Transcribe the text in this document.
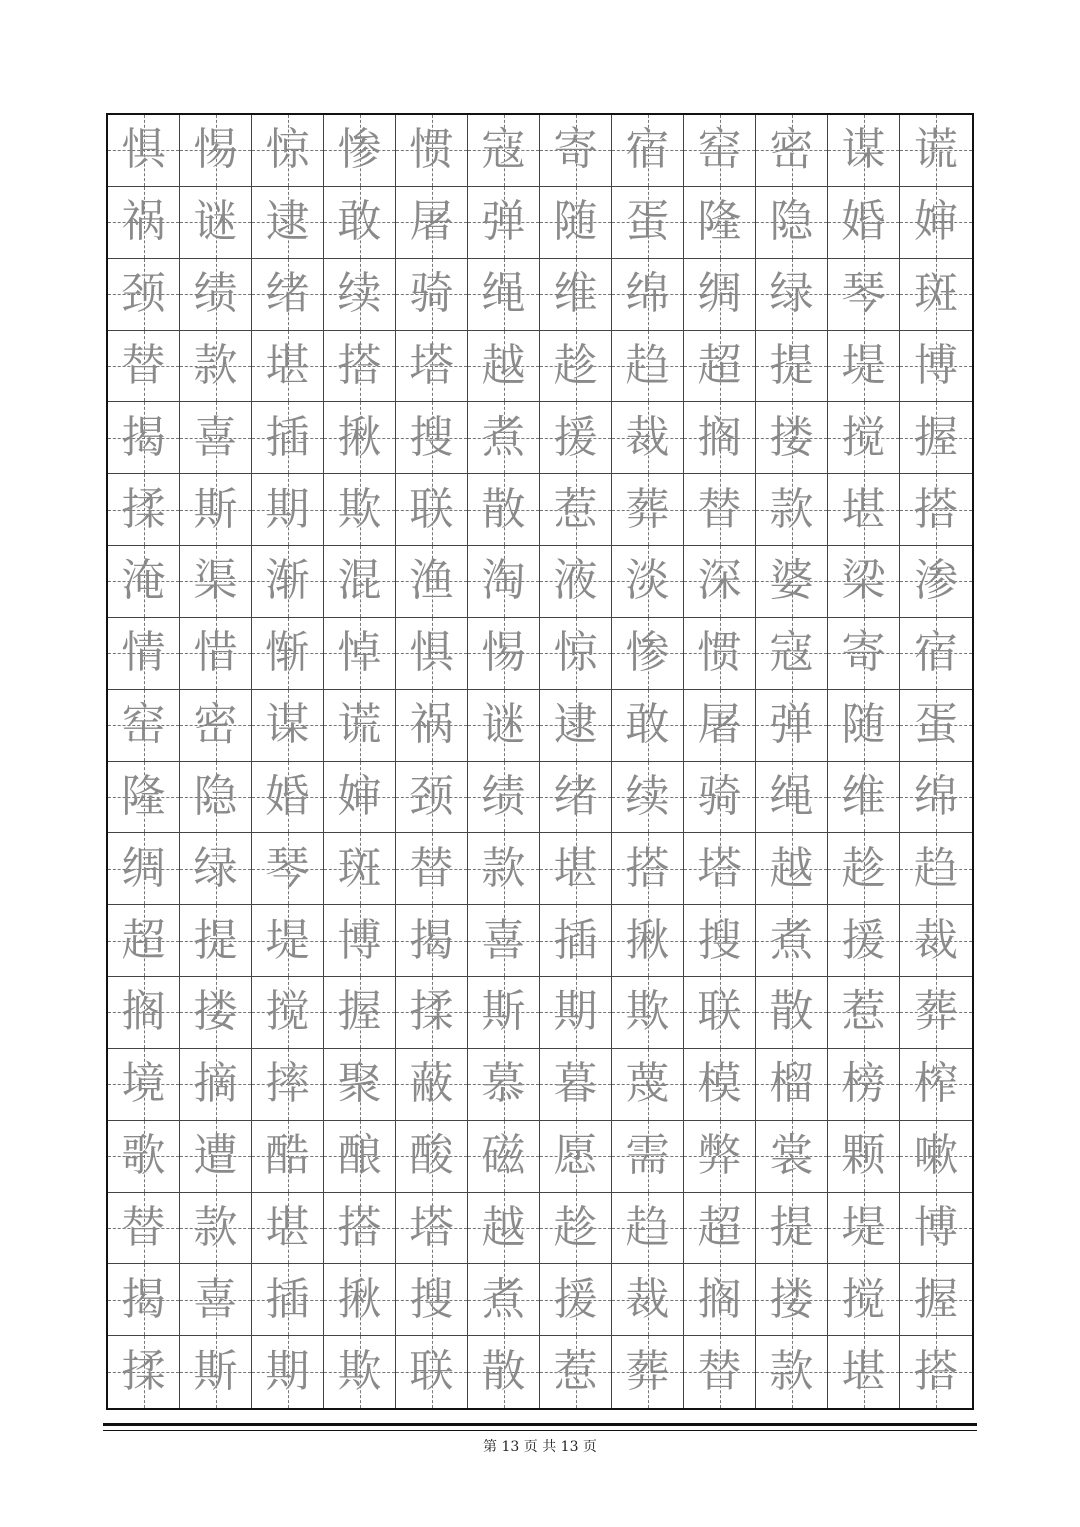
惧 惕 惊 惨 惯 寇 寄 宿 窑 密 谋 谎
祸 谜 逮 敢 屠 弹 随 蛋 隆 隐 婚 婶
颈 绩 绪 续 骑 绳 维 绵 绸 绿 琴 斑
替 款 堪 搭 塔 越 趁 趋 超 提 堤 博
揭 喜 插 揪 搜 煮 援 裁 搁 搂 搅 握
揉 斯 期 欺 联 散 惹 葬 替 款 堪 搭
淹 渠 渐 混 渔 淘 液 淡 深 婆 梁 渗
情 惜 惭 悼 惧 惕 惊 惨 惯 寇 寄 宿
窑 密 谋 谎 祸 谜 逮 敢 屠 弹 随 蛋
隆 隐 婚 婶 颈 绩 绪 续 骑 绳 维 绵
绸 绿 琴 斑 替 款 堪 搭 塔 越 趁 趋
超 提 堤 博 揭 喜 插 揪 搜 煮 援 裁
搁 搂 搅 握 揉 斯 期 欺 联 散 惹 葬
境 摘 摔 聚 蔽 慕 暮 蔑 模 榴 榜 榨
歌 遭 酷 酿 酸 磁 愿 需 弊 裳 颗 嗽
替 款 堪 搭 塔 越 趁 趋 超 提 堤 博
揭 喜 插 揪 搜 煮 援 裁 搁 搂 搅 握
揉 斯 期 欺 联 散 惹 葬 替 款 堪 搭
第 13 页 共 13 页
